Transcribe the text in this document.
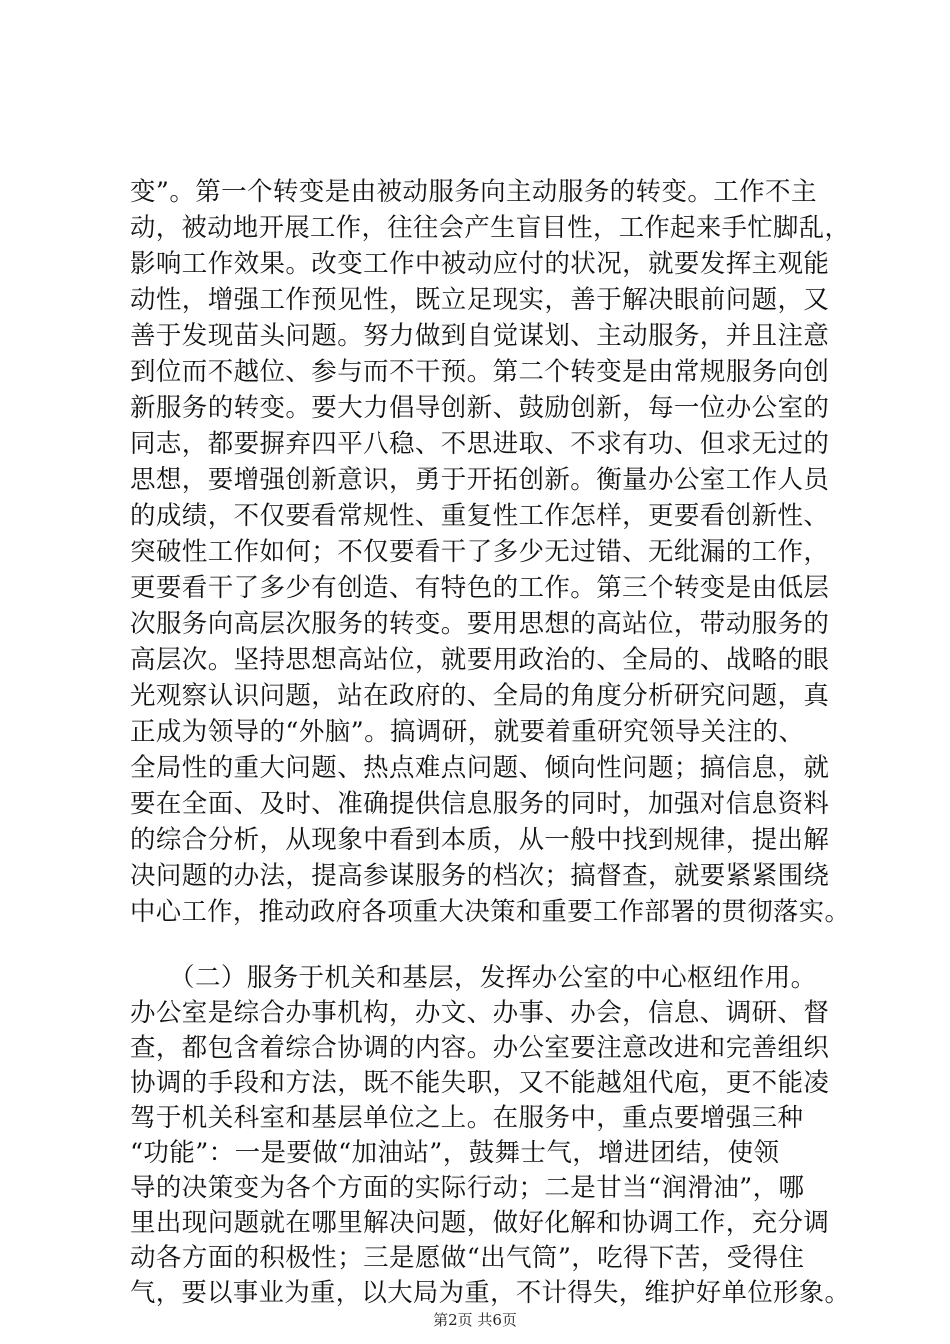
变”。第一个转变是由被动服务向主动服务的转变。工作不主
动，被动地开展工作，往往会产生盲目性，工作起来手忙脚乱，
影响工作效果。改变工作中被动应付的状况，就要发挥主观能
动性，增强工作预见性，既立足现实，善于解决眼前问题，又
善于发现苗头问题。努力做到自觉谋划、主动服务，并且注意
到位而不越位、参与而不干预。第二个转变是由常规服务向创
新服务的转变。要大力倡导创新、鼓励创新，每一位办公室的
同志，都要摒弃四平八稳、不思进取、不求有功、但求无过的
思想，要增强创新意识，勇于开拓创新。衡量办公室工作人员
的成绩，不仅要看常规性、重复性工作怎样，更要看创新性、
突破性工作如何；不仅要看干了多少无过错、无纰漏的工作，
更要看干了多少有创造、有特色的工作。第三个转变是由低层
次服务向高层次服务的转变。要用思想的高站位，带动服务的
高层次。坚持思想高站位，就要用政治的、全局的、战略的眼
光观察认识问题，站在政府的、全局的角度分析研究问题，真
正成为领导的“外脑”。搞调研，就要着重研究领导关注的、
全局性的重大问题、热点难点问题、倾向性问题；搞信息，就
要在全面、及时、准确提供信息服务的同时，加强对信息资料
的综合分析，从现象中看到本质，从一般中找到规律，提出解
决问题的办法，提高参谋服务的档次；搞督查，就要紧紧围绕
中心工作，推动政府各项重大决策和重要工作部署的贯彻落实。
　　（二）服务于机关和基层，发挥办公室的中心枢纽作用。
办公室是综合办事机构，办文、办事、办会，信息、调研、督
查，都包含着综合协调的内容。办公室要注意改进和完善组织
协调的手段和方法，既不能失职，又不能越俎代庖，更不能凌
驾于机关科室和基层单位之上。在服务中，重点要增强三种
“功能”：一是要做“加油站”，鼓舞士气，增进团结，使领
导的决策变为各个方面的实际行动；二是甘当“润滑油”，哪
里出现问题就在哪里解决问题，做好化解和协调工作，充分调
动各方面的积极性；三是愿做“出气筒”，吃得下苦，受得住
气，要以事业为重，以大局为重，不计得失，维护好单位形象。
第2页 共6页
